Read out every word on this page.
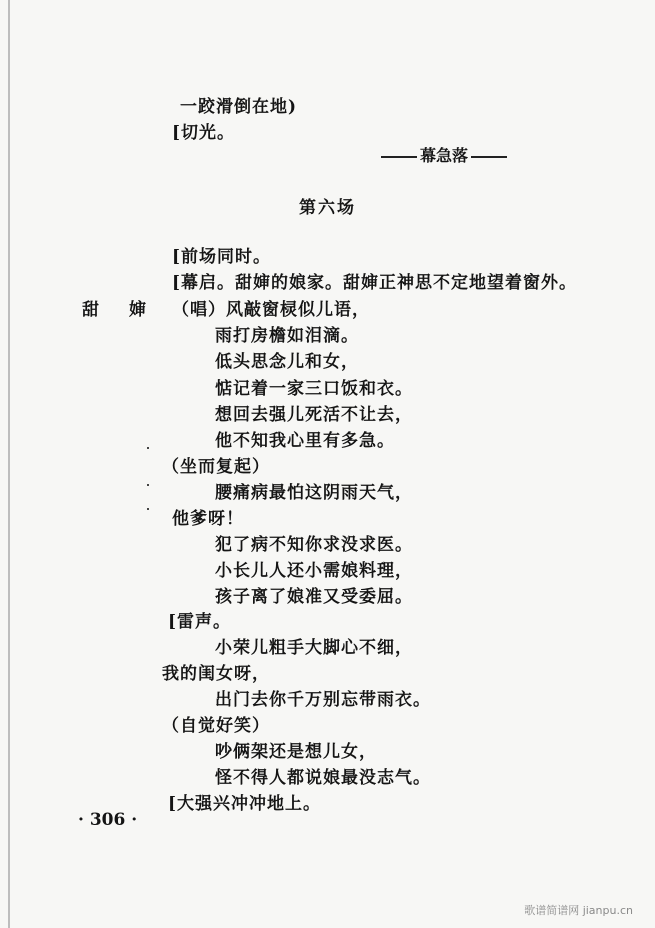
一跤滑倒在地)
[切光。
幕急落
第六场
[前场同时。
[幕启。甜婶的娘家。甜婶正神思不定地望着窗外。
甜婶
（唱）风敲窗棂似儿语，
雨打房檐如泪滴。
低头思念儿和女，
惦记着一家三口饭和衣。
想回去强儿死活不让去，
他不知我心里有多急。
（坐而复起）
腰痛病最怕这阴雨天气，
他爹呀！
犯了病不知你求没求医。
小长儿人还小需娘料理，
孩子离了娘准又受委屈。
[雷声。
小荣儿粗手大脚心不细，
我的闺女呀，
出门去你千万别忘带雨衣。
（自觉好笑）
吵俩架还是想儿女，
怪不得人都说娘最没志气。
[大强兴冲冲地上。
· 306 ·
歌谱简谱网 jianpu.cn
